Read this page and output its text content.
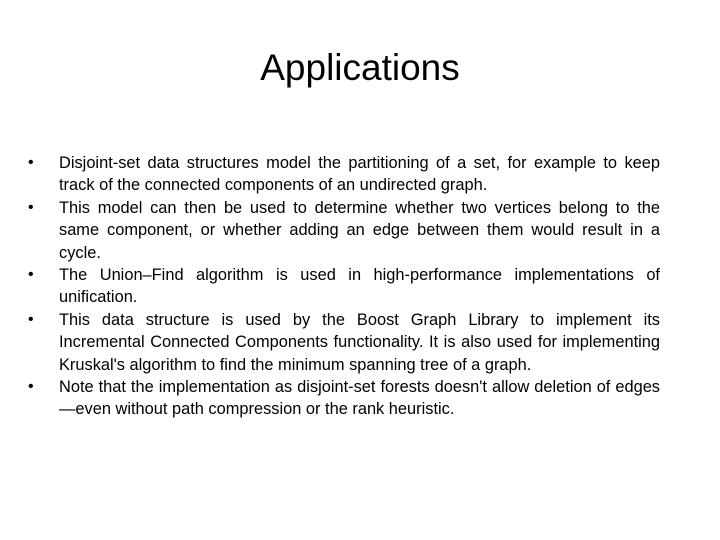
Applications
•	Disjoint-set data structures model the partitioning of a set, for example to keep track of the connected components of an undirected graph.
•	This model can then be used to determine whether two vertices belong to the same component, or whether adding an edge between them would result in a cycle.
•	The Union–Find algorithm is used in high-performance implementations of unification.
•	This data structure is used by the Boost Graph Library to implement its Incremental Connected Components functionality. It is also used for implementing Kruskal's algorithm to find the minimum spanning tree of a graph.
•	Note that the implementation as disjoint-set forests doesn't allow deletion of edges—even without path compression or the rank heuristic.
